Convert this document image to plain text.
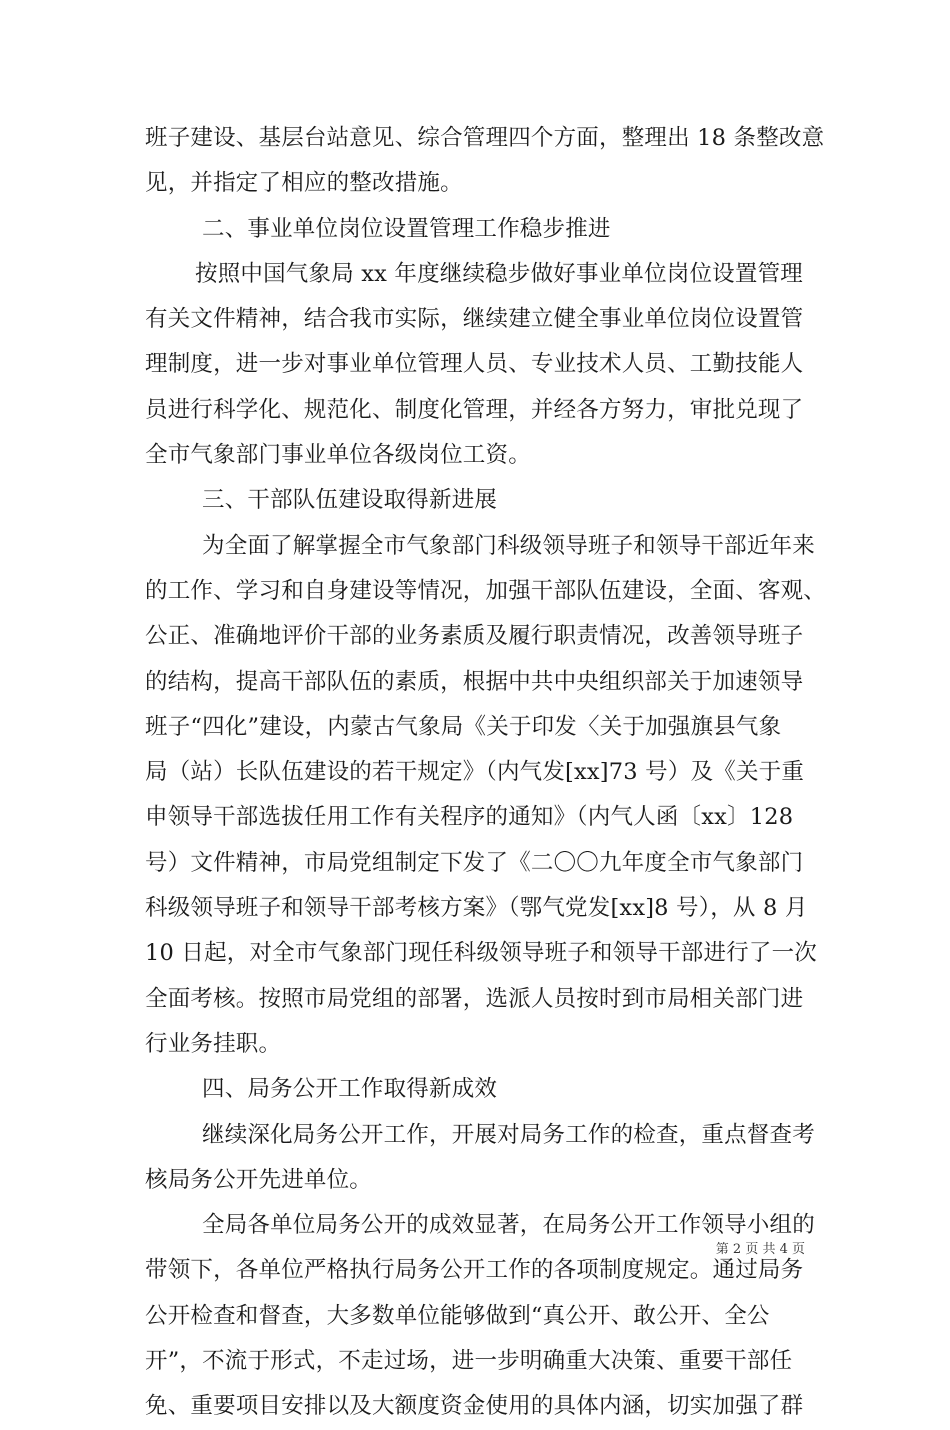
班子建设、基层台站意见、综合管理四个方面，整理出 18 条整改意
见，并指定了相应的整改措施。
二、事业单位岗位设置管理工作稳步推进
按照中国气象局 xx 年度继续稳步做好事业单位岗位设置管理
有关文件精神，结合我市实际，继续建立健全事业单位岗位设置管
理制度，进一步对事业单位管理人员、专业技术人员、工勤技能人
员进行科学化、规范化、制度化管理，并经各方努力，审批兑现了
全市气象部门事业单位各级岗位工资。
三、干部队伍建设取得新进展
为全面了解掌握全市气象部门科级领导班子和领导干部近年来
的工作、学习和自身建设等情况，加强干部队伍建设，全面、客观、
公正、准确地评价干部的业务素质及履行职责情况，改善领导班子
的结构，提高干部队伍的素质，根据中共中央组织部关于加速领导
班子“四化”建设，内蒙古气象局《关于印发〈关于加强旗县气象
局（站）长队伍建设的若干规定》（内气发[xx]73 号）及《关于重
申领导干部选拔任用工作有关程序的通知》（内气人函〔xx〕128
号）文件精神，市局党组制定下发了《二〇〇九年度全市气象部门
科级领导班子和领导干部考核方案》（鄂气党发[xx]8 号），从 8 月
10 日起，对全市气象部门现任科级领导班子和领导干部进行了一次
全面考核。按照市局党组的部署，选派人员按时到市局相关部门进
行业务挂职。
四、局务公开工作取得新成效
继续深化局务公开工作，开展对局务工作的检查，重点督查考
核局务公开先进单位。
全局各单位局务公开的成效显著，在局务公开工作领导小组的
带领下，各单位严格执行局务公开工作的各项制度规定。通过局务
公开检查和督查，大多数单位能够做到“真公开、敢公开、全公
开”，不流于形式，不走过场，进一步明确重大决策、重要干部任
免、重要项目安排以及大额度资金使用的具体内涵，切实加强了群
第 2 页 共 4 页
